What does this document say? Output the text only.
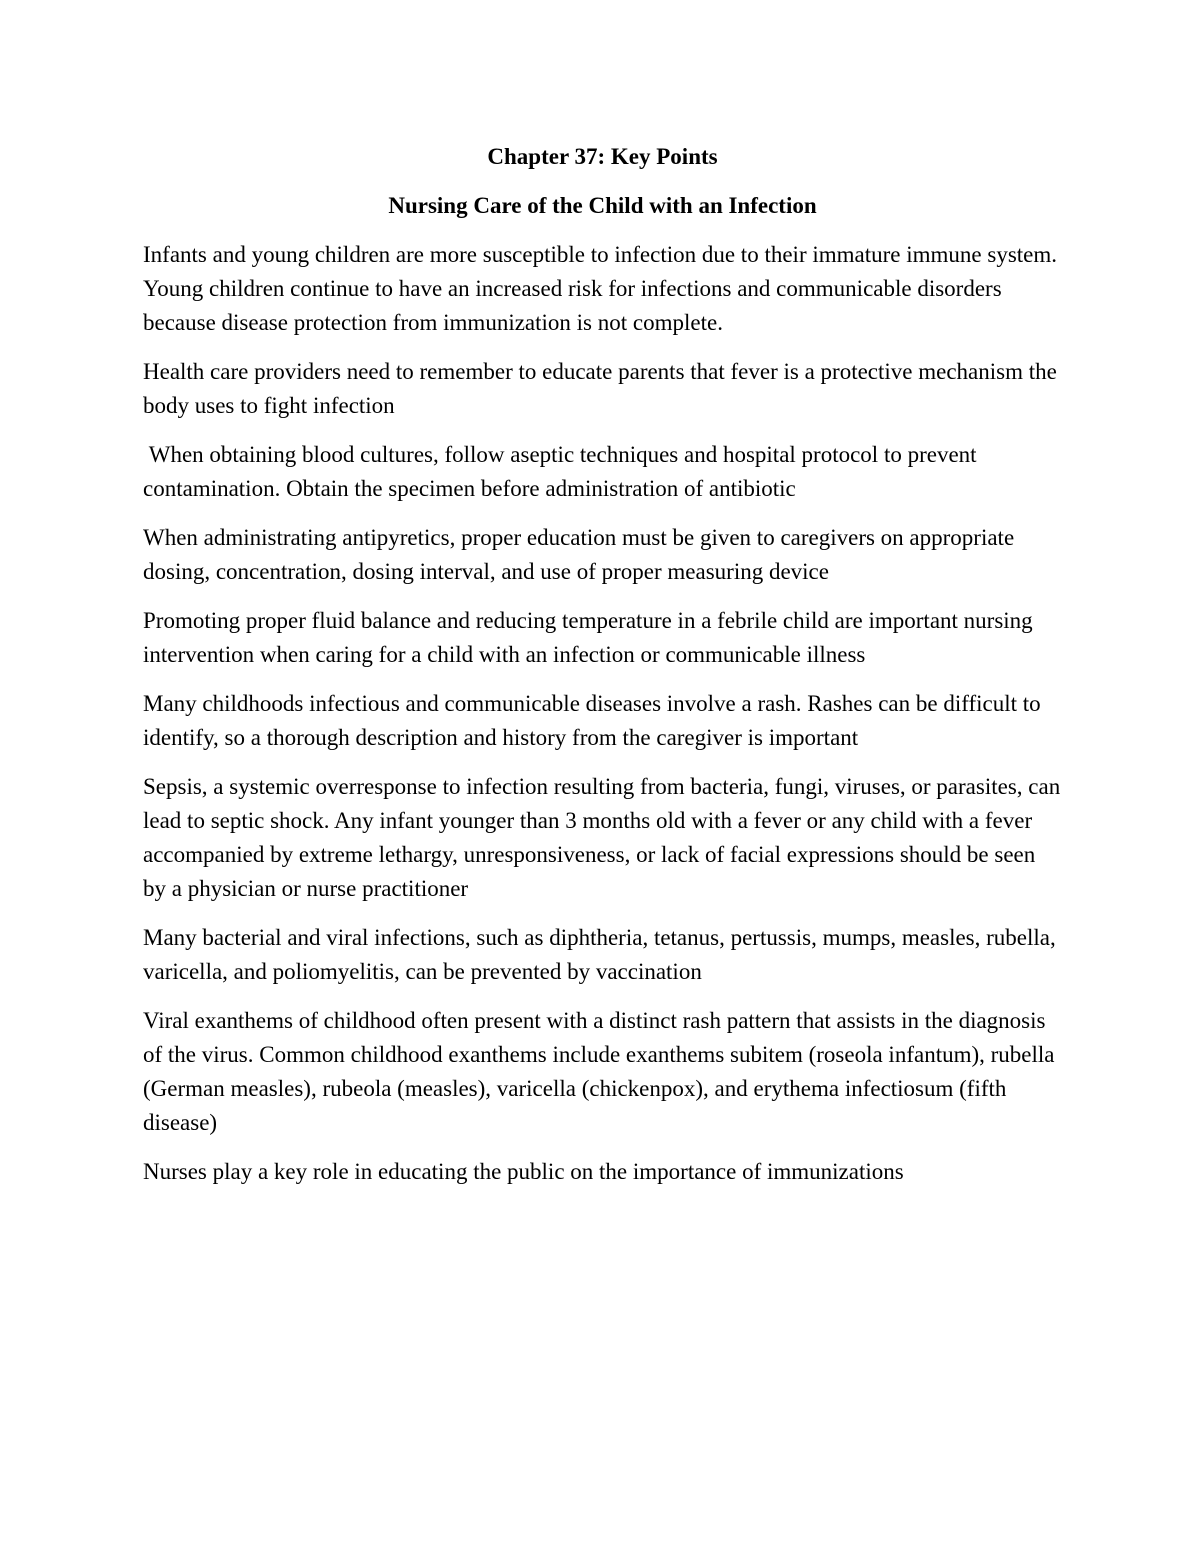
Chapter 37: Key Points
Nursing Care of the Child with an Infection

Infants and young children are more susceptible to infection due to their immature immune system. Young children continue to have an increased risk for infections and communicable disorders because disease protection from immunization is not complete.

Health care providers need to remember to educate parents that fever is a protective mechanism the body uses to fight infection

When obtaining blood cultures, follow aseptic techniques and hospital protocol to prevent contamination. Obtain the specimen before administration of antibiotic

When administrating antipyretics, proper education must be given to caregivers on appropriate dosing, concentration, dosing interval, and use of proper measuring device

Promoting proper fluid balance and reducing temperature in a febrile child are important nursing intervention when caring for a child with an infection or communicable illness

Many childhoods infectious and communicable diseases involve a rash. Rashes can be difficult to identify, so a thorough description and history from the caregiver is important

Sepsis, a systemic overresponse to infection resulting from bacteria, fungi, viruses, or parasites, can lead to septic shock. Any infant younger than 3 months old with a fever or any child with a fever accompanied by extreme lethargy, unresponsiveness, or lack of facial expressions should be seen by a physician or nurse practitioner

Many bacterial and viral infections, such as diphtheria, tetanus, pertussis, mumps, measles, rubella, varicella, and poliomyelitis, can be prevented by vaccination

Viral exanthems of childhood often present with a distinct rash pattern that assists in the diagnosis of the virus. Common childhood exanthems include exanthems subitem (roseola infantum), rubella (German measles), rubeola (measles), varicella (chickenpox), and erythema infectiosum (fifth disease)

Nurses play a key role in educating the public on the importance of immunizations
